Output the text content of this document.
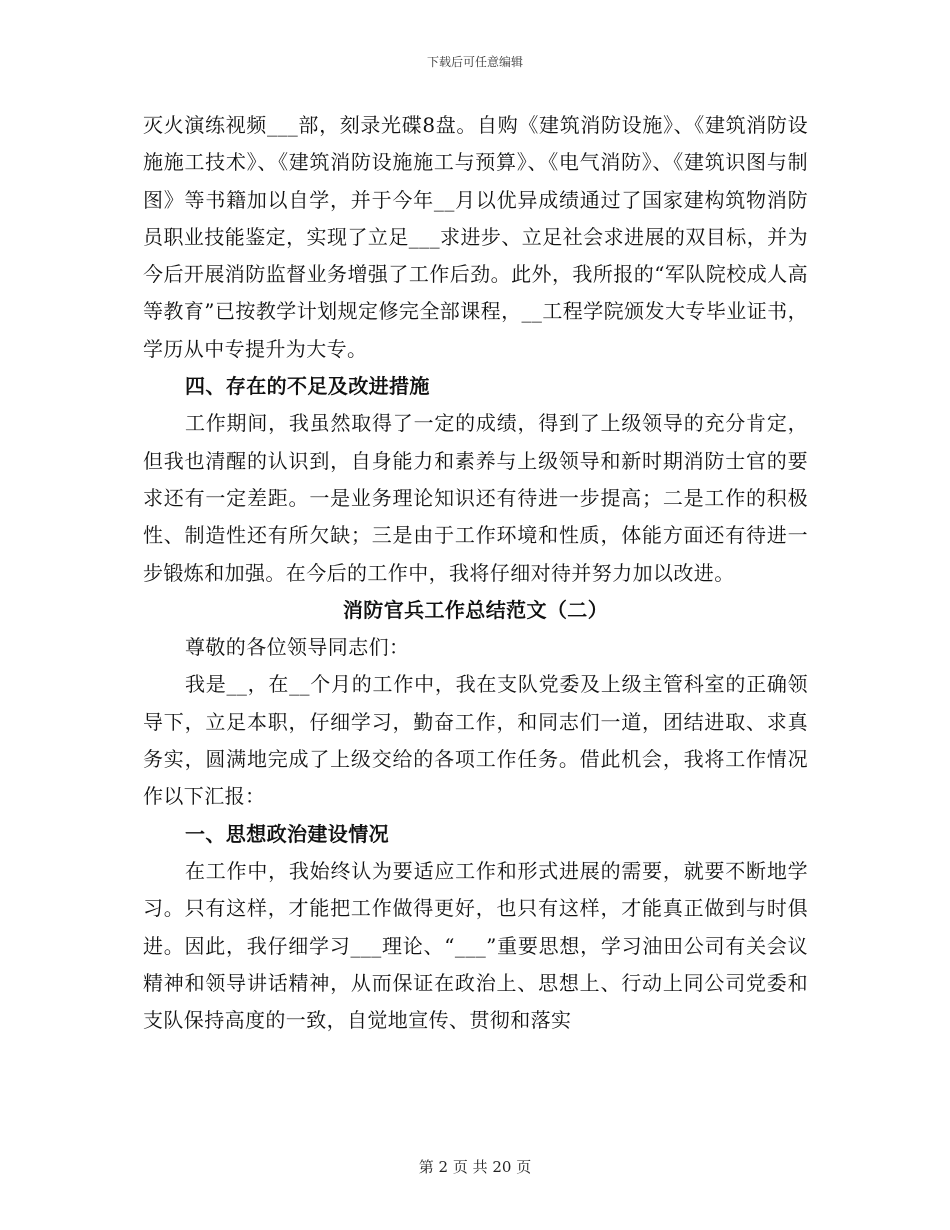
下载后可任意编辑

灭火演练视频___部，刻录光碟8盘。自购《建筑消防设施》、《建筑消防设施施工技术》、《建筑消防设施施工与预算》、《电气消防》、《建筑识图与制图》等书籍加以自学，并于今年__月以优异成绩通过了国家建构筑物消防员职业技能鉴定，实现了立足___求进步、立足社会求进展的双目标，并为今后开展消防监督业务增强了工作后劲。此外，我所报的“军队院校成人高等教育”已按教学计划规定修完全部课程，__工程学院颁发大专毕业证书，学历从中专提升为大专。

四、存在的不足及改进措施

工作期间，我虽然取得了一定的成绩，得到了上级领导的充分肯定，但我也清醒的认识到，自身能力和素养与上级领导和新时期消防士官的要求还有一定差距。一是业务理论知识还有待进一步提高；二是工作的积极性、制造性还有所欠缺；三是由于工作环境和性质，体能方面还有待进一步锻炼和加强。在今后的工作中，我将仔细对待并努力加以改进。

消防官兵工作总结范文（二）

尊敬的各位领导同志们：

我是__，在__个月的工作中，我在支队党委及上级主管科室的正确领导下，立足本职，仔细学习，勤奋工作，和同志们一道，团结进取、求真务实，圆满地完成了上级交给的各项工作任务。借此机会，我将工作情况作以下汇报：

一、思想政治建设情况

在工作中，我始终认为要适应工作和形式进展的需要，就要不断地学习。只有这样，才能把工作做得更好，也只有这样，才能真正做到与时俱进。因此，我仔细学习___理论、“___”重要思想，学习油田公司有关会议精神和领导讲话精神，从而保证在政治上、思想上、行动上同公司党委和支队保持高度的一致，自觉地宣传、贯彻和落实

第 2 页 共 20 页
